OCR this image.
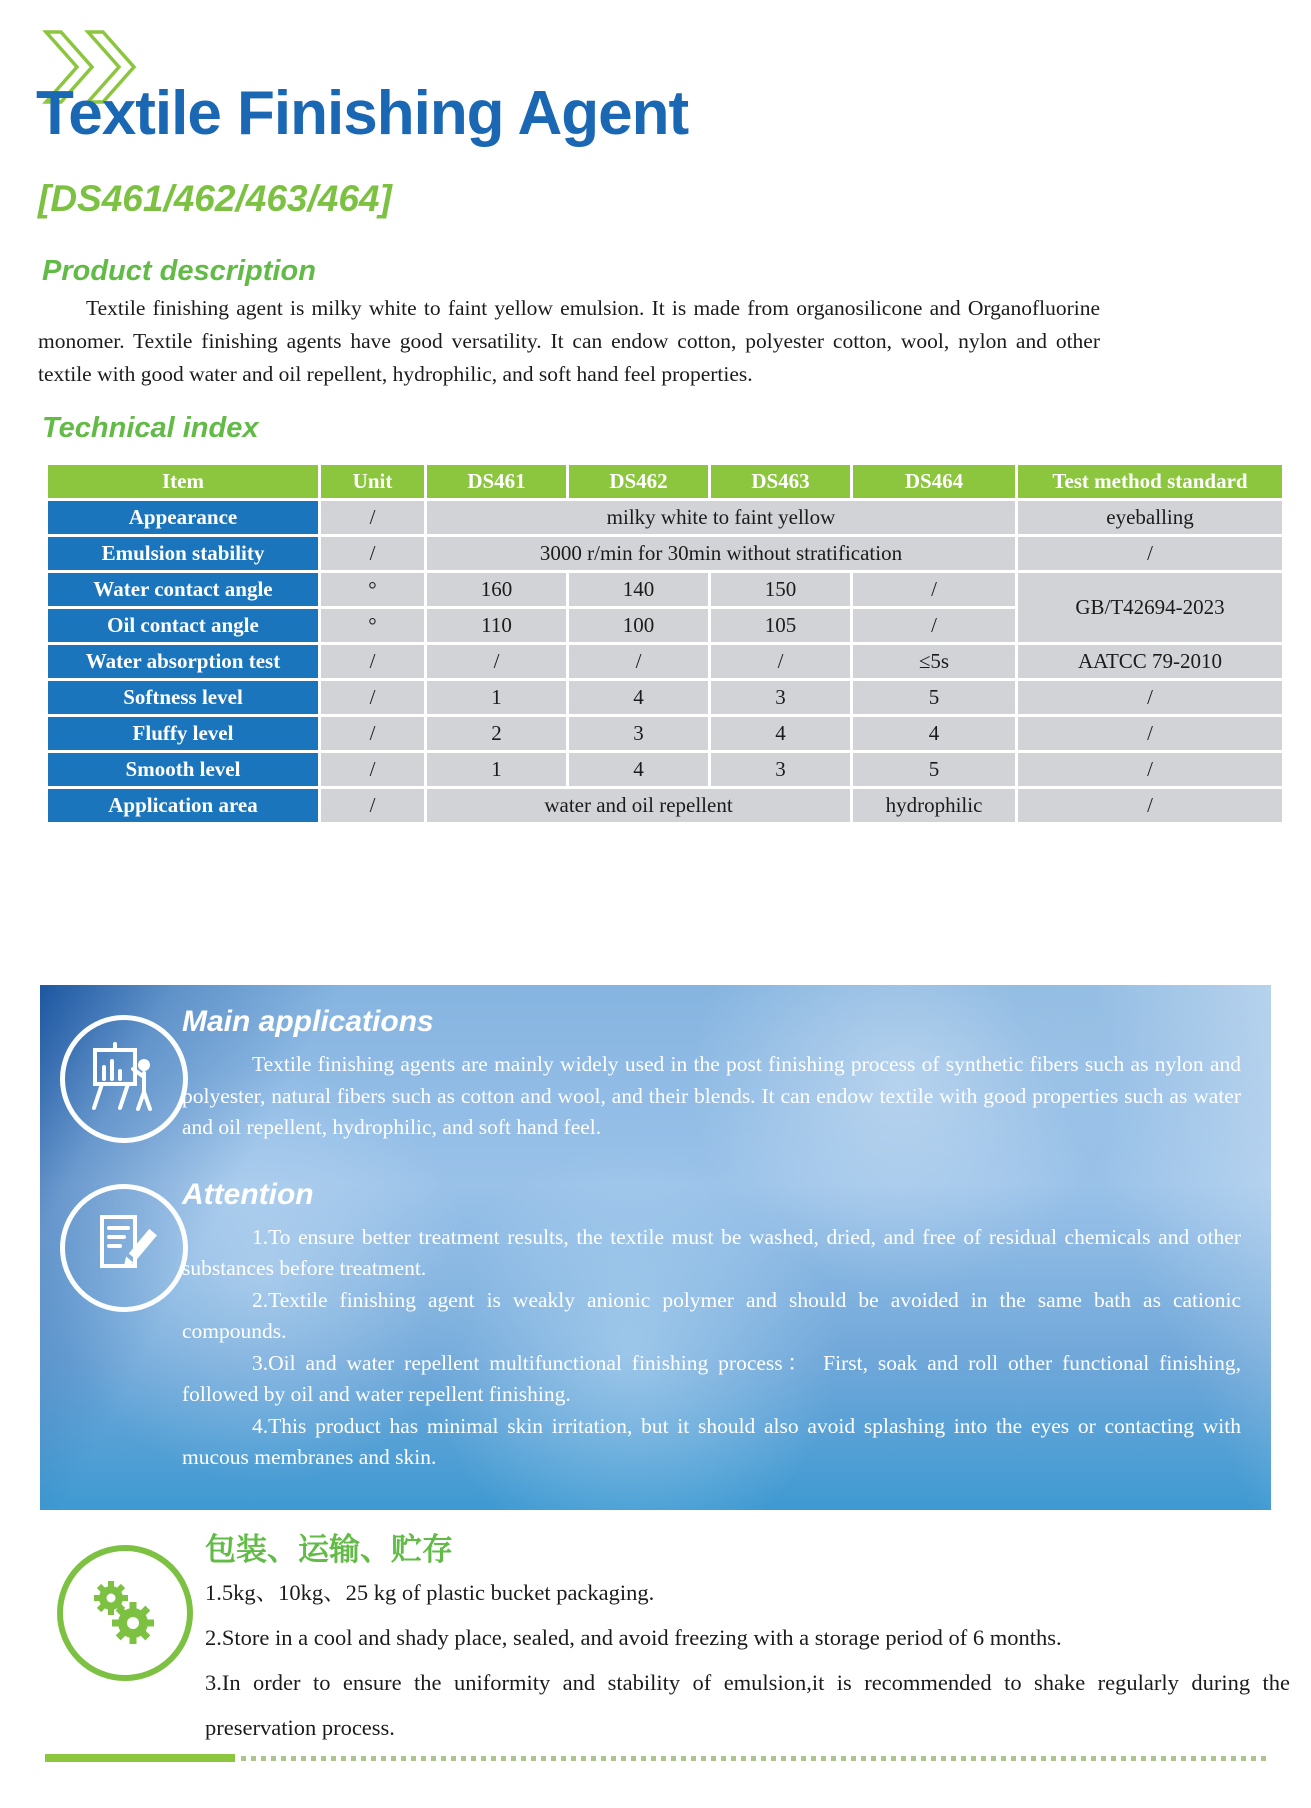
Textile Finishing Agent
[DS461/462/463/464]
Product description

Textile finishing agent is milky white to faint yellow emulsion. It is made from organosilicone and Organofluorine monomer. Textile finishing agents have good versatility. It can endow cotton, polyester cotton, wool, nylon and other textile with good water and oil repellent, hydrophilic, and soft hand feel properties.

Technical index
Item	Unit	DS461	DS462	DS463	DS464	Test method standard
Appearance	/	milky white to faint yellow				eyeballing
Emulsion stability	/	3000 r/min for 30min without stratification				/
Water contact angle	°	160	140	150	/	GB/T42694-2023
Oil contact angle	°	110	100	105	/	
Water absorption test	/	/	/	/	≤5s	AATCC 79-2010
Softness level	/	1	4	3	5	/
Fluffy level	/	2	3	4	4	/
Smooth level	/	1	4	3	5	/
Application area	/	water and oil repellent			hydrophilic	/
Main applications

Textile finishing agents are mainly widely used in the post finishing process of synthetic fibers such as nylon and polyester, natural fibers such as cotton and wool, and their blends. It can endow textile with good properties such as water and oil repellent, hydrophilic, and soft hand feel.

Attention

1.To ensure better treatment results, the textile must be washed, dried, and free of residual chemicals and other substances before treatment.

2.Textile finishing agent is weakly anionic polymer and should be avoided in the same bath as cationic compounds.

3.Oil and water repellent multifunctional finishing process： First, soak and roll other functional finishing, followed by oil and water repellent finishing.

4.This product has minimal skin irritation, but it should also avoid splashing into the eyes or contacting with mucous membranes and skin.

包装、运输、贮存

1.5kg、10kg、25 kg of plastic bucket packaging.

2.Store in a cool and shady place, sealed, and avoid freezing with a storage period of 6 months.

3.In order to ensure the uniformity and stability of emulsion,it is recommended to shake regularly during the preservation process.
